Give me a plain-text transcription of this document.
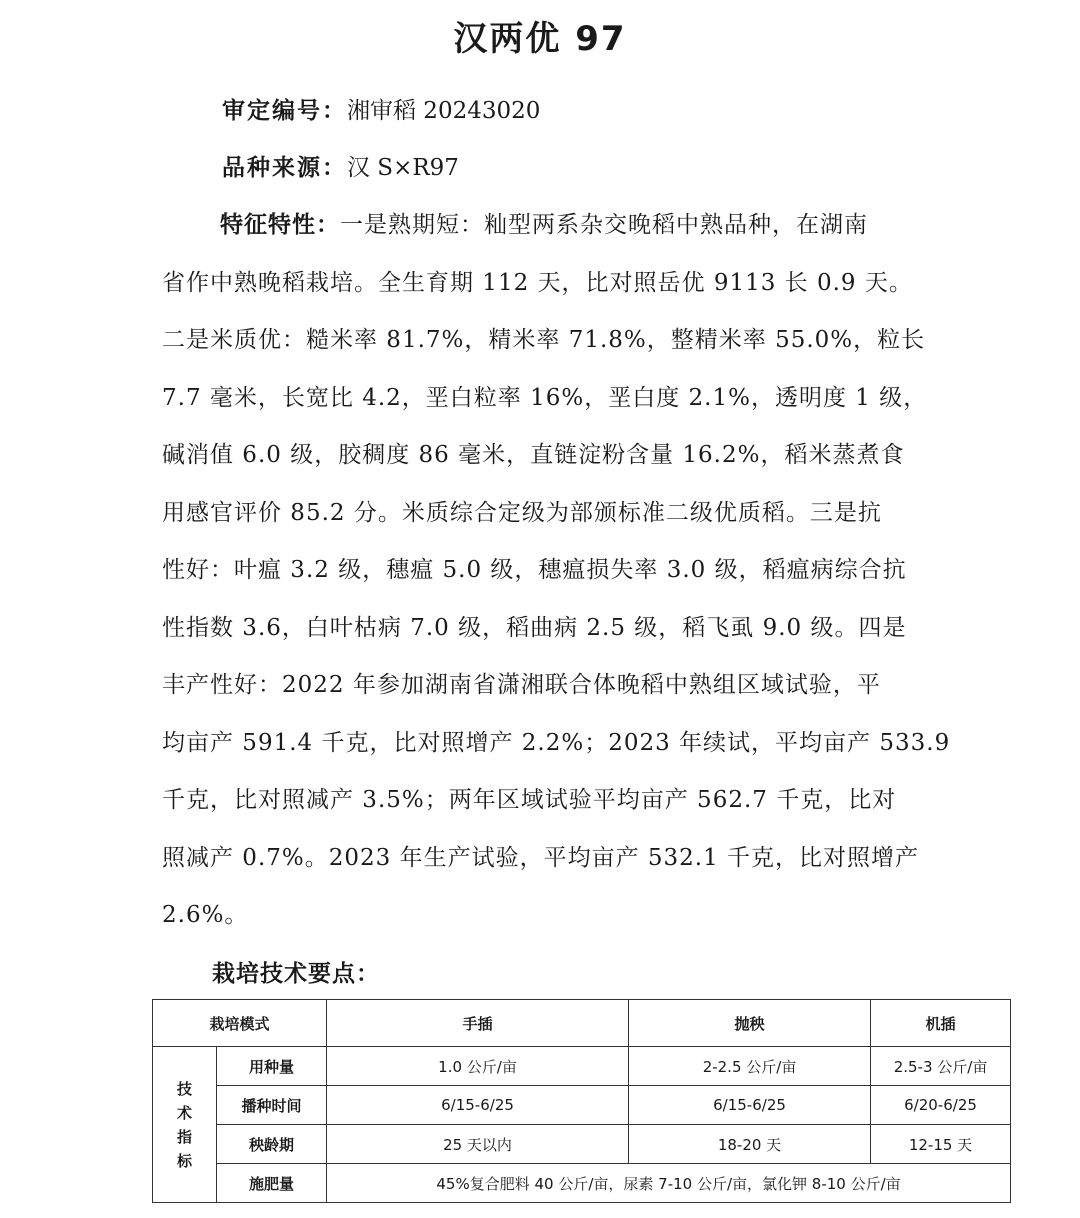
汉两优 97
审定编号：湘审稻 20243020
品种来源：汉 S×R97
特征特性：一是熟期短：籼型两系杂交晚稻中熟品种，在湖南
省作中熟晚稻栽培。全生育期 112 天，比对照岳优 9113 长 0.9 天。
二是米质优：糙米率 81.7%，精米率 71.8%，整精米率 55.0%，粒长
7.7 毫米，长宽比 4.2，垩白粒率 16%，垩白度 2.1%，透明度 1 级，
碱消值 6.0 级，胶稠度 86 毫米，直链淀粉含量 16.2%，稻米蒸煮食
用感官评价 85.2 分。米质综合定级为部颁标准二级优质稻。三是抗
性好：叶瘟 3.2 级，穗瘟 5.0 级，穗瘟损失率 3.0 级，稻瘟病综合抗
性指数 3.6，白叶枯病 7.0 级，稻曲病 2.5 级，稻飞虱 9.0 级。四是
丰产性好：2022 年参加湖南省潇湘联合体晚稻中熟组区域试验，平
均亩产 591.4 千克，比对照增产 2.2%；2023 年续试，平均亩产 533.9
千克，比对照减产 3.5%；两年区域试验平均亩产 562.7 千克，比对
照减产 0.7%。2023 年生产试验，平均亩产 532.1 千克，比对照增产
2.6%。
栽培技术要点：
栽培模式		手插	抛秧	机插
技
术
指
标	用种量	1.0 公斤/亩	2-2.5 公斤/亩	2.5-3 公斤/亩
	播种时间	6/15-6/25	6/15-6/25	6/20-6/25
	秧龄期	25 天以内	18-20 天	12-15 天
	施肥量	45%复合肥料 40 公斤/亩，尿素 7-10 公斤/亩，氯化钾 8-10 公斤/亩		
